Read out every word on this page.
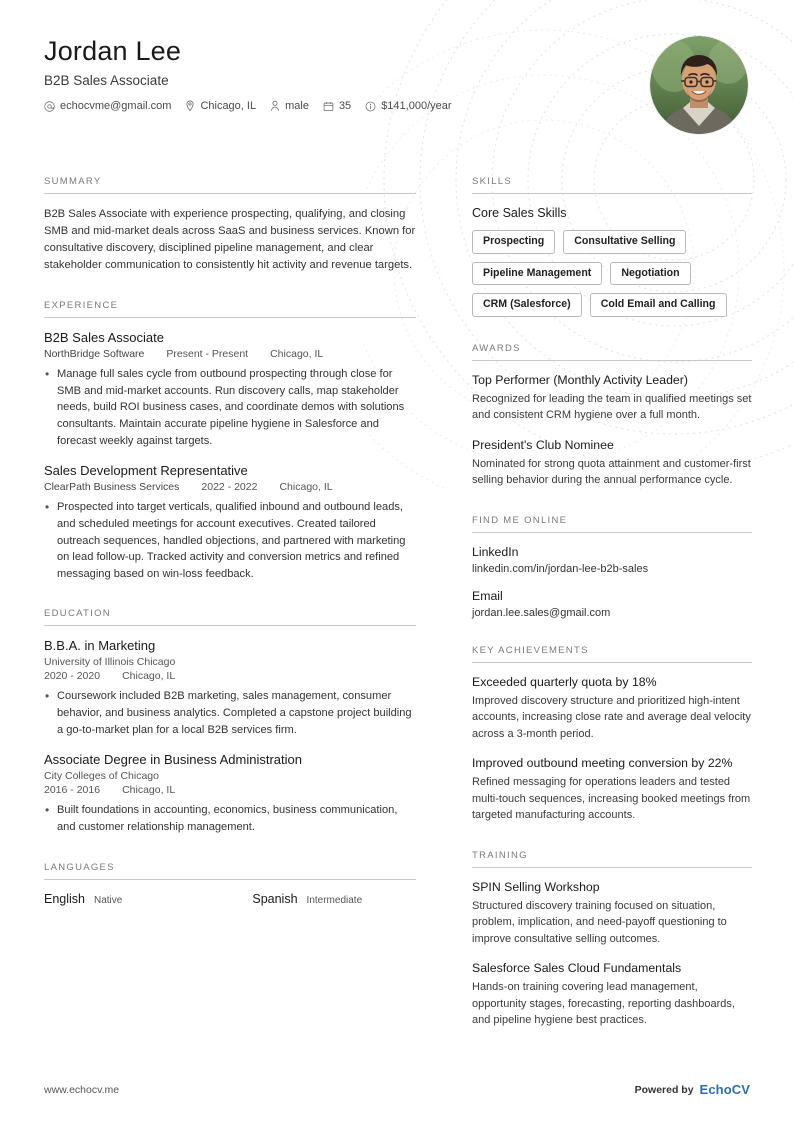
Jordan Lee
B2B Sales Associate
echocvme@gmail.com	Chicago, IL	male	35	$141,000/year
SUMMARY

B2B Sales Associate with experience prospecting, qualifying, and closing SMB and mid-market deals across SaaS and business services. Known for consultative discovery, disciplined pipeline management, and clear stakeholder communication to consistently hit activity and revenue targets.

EXPERIENCE
B2B Sales Associate
NorthBridge Software Present - Present Chicago, IL
• Manage full sales cycle from outbound prospecting through close for SMB and mid-market accounts. Run discovery calls, map stakeholder needs, build ROI business cases, and coordinate demos with solutions consultants. Maintain accurate pipeline hygiene in Salesforce and forecast weekly against targets.
Sales Development Representative
ClearPath Business Services 2022 - 2022 Chicago, IL
• Prospected into target verticals, qualified inbound and outbound leads, and scheduled meetings for account executives. Created tailored outreach sequences, handled objections, and partnered with marketing on lead follow-up. Tracked activity and conversion metrics and refined messaging based on win-loss feedback.
EDUCATION
B.B.A. in Marketing
University of Illinois Chicago
2020 - 2020 Chicago, IL
• Coursework included B2B marketing, sales management, consumer behavior, and business analytics. Completed a capstone project building a go-to-market plan for a local B2B services firm.
Associate Degree in Business Administration
City Colleges of Chicago
2016 - 2016 Chicago, IL
• Built foundations in accounting, economics, business communication, and customer relationship management.
LANGUAGES
English Native	Spanish Intermediate
SKILLS
Core Sales Skills
Prospecting	Consultative Selling
Pipeline Management	Negotiation
CRM (Salesforce)	Cold Email and Calling
AWARDS
Top Performer (Monthly Activity Leader)

Recognized for leading the team in qualified meetings set and consistent CRM hygiene over a full month.

President's Club Nominee

Nominated for strong quota attainment and customer-first selling behavior during the annual performance cycle.

FIND ME ONLINE
LinkedIn

linkedin.com/in/jordan-lee-b2b-sales

Email

jordan.lee.sales@gmail.com

KEY ACHIEVEMENTS
Exceeded quarterly quota by 18%

Improved discovery structure and prioritized high-intent accounts, increasing close rate and average deal velocity across a 3-month period.

Improved outbound meeting conversion by 22%

Refined messaging for operations leaders and tested multi-touch sequences, increasing booked meetings from targeted manufacturing accounts.

TRAINING
SPIN Selling Workshop

Structured discovery training focused on situation, problem, implication, and need-payoff questioning to improve consultative selling outcomes.

Salesforce Sales Cloud Fundamentals

Hands-on training covering lead management, opportunity stages, forecasting, reporting dashboards, and pipeline hygiene best practices.

www.echocv.me	Powered by EchoCV
